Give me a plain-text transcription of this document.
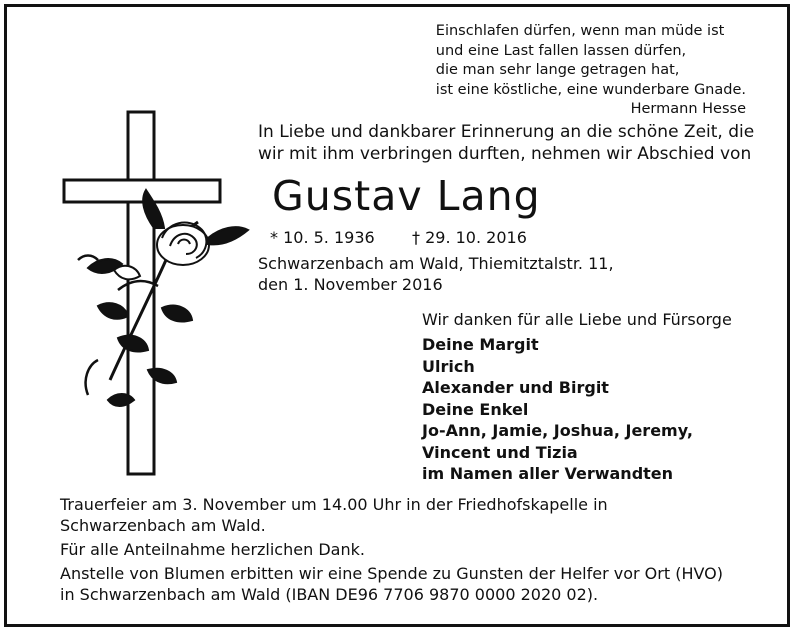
Einschlafen dürfen, wenn man müde ist
und eine Last fallen lassen dürfen,
die man sehr lange getragen hat,
ist eine köstliche, eine wunderbare Gnade.
Hermann Hesse
In Liebe und dankbarer Erinnerung an die schöne Zeit, die
wir mit ihm verbringen durften, nehmen wir Abschied von
Gustav Lang
* 10. 5. 1936 † 29. 10. 2016
Schwarzenbach am Wald, Thiemitztalstr. 11,
den 1. November 2016
Wir danken für alle Liebe und Fürsorge
Deine Margit
Ulrich
Alexander und Birgit
Deine Enkel
Jo-Ann, Jamie, Joshua, Jeremy,
Vincent und Tizia
im Namen aller Verwandten
Trauerfeier am 3. November um 14.00 Uhr in der Friedhofskapelle in
Schwarzenbach am Wald.
Für alle Anteilnahme herzlichen Dank.
Anstelle von Blumen erbitten wir eine Spende zu Gunsten der Helfer vor Ort (HVO)
in Schwarzenbach am Wald (IBAN DE96 7706 9870 0000 2020 02).
